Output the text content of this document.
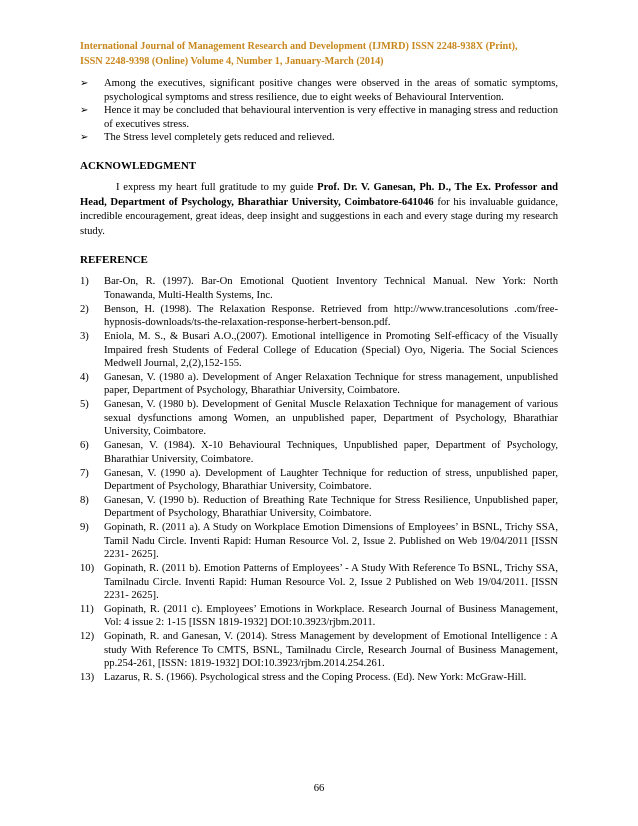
International Journal of Management Research and Development (IJMRD) ISSN 2248-938X (Print),
ISSN 2248-9398 (Online) Volume 4, Number 1, January-March (2014)
➢ Among the executives, significant positive changes were observed in the areas of somatic symptoms, psychological symptoms and stress resilience, due to eight weeks of Behavioural Intervention.
➢ Hence it may be concluded that behavioural intervention is very effective in managing stress and reduction of executives stress.
➢ The Stress level completely gets reduced and relieved.
ACKNOWLEDGMENT

I express my heart full gratitude to my guide Prof. Dr. V. Ganesan, Ph. D., The Ex. Professor and Head, Department of Psychology, Bharathiar University, Coimbatore-641046 for his invaluable guidance, incredible encouragement, great ideas, deep insight and suggestions in each and every stage during my research study.

REFERENCE
1) Bar-On, R. (1997). Bar-On Emotional Quotient Inventory Technical Manual. New York: North Tonawanda, Multi-Health Systems, Inc.
2) Benson, H. (1998). The Relaxation Response. Retrieved from http://www.trancesolutions .com/free-hypnosis-downloads/ts-the-relaxation-response-herbert-benson.pdf.
3) Eniola, M. S., & Busari A.O.,(2007). Emotional intelligence in Promoting Self-efficacy of the Visually Impaired fresh Students of Federal College of Education (Special) Oyo, Nigeria. The Social Sciences Medwell Journal, 2,(2),152-155.
4) Ganesan, V. (1980 a). Development of Anger Relaxation Technique for stress management, unpublished paper, Department of Psychology, Bharathiar University, Coimbatore.
5) Ganesan, V. (1980 b). Development of Genital Muscle Relaxation Technique for management of various sexual dysfunctions among Women, an unpublished paper, Department of Psychology, Bharathiar University, Coimbatore.
6) Ganesan, V. (1984). X-10 Behavioural Techniques, Unpublished paper, Department of Psychology, Bharathiar University, Coimbatore.
7) Ganesan, V. (1990 a). Development of Laughter Technique for reduction of stress, unpublished paper, Department of Psychology, Bharathiar University, Coimbatore.
8) Ganesan, V. (1990 b). Reduction of Breathing Rate Technique for Stress Resilience, Unpublished paper, Department of Psychology, Bharathiar University, Coimbatore.
9) Gopinath, R. (2011 a). A Study on Workplace Emotion Dimensions of Employees’ in BSNL, Trichy SSA, Tamil Nadu Circle. Inventi Rapid: Human Resource Vol. 2, Issue 2. Published on Web 19/04/2011 [ISSN 2231- 2625].
10) Gopinath, R. (2011 b). Emotion Patterns of Employees’ - A Study With Reference To BSNL, Trichy SSA, Tamilnadu Circle. Inventi Rapid: Human Resource Vol. 2, Issue 2 Published on Web 19/04/2011. [ISSN 2231- 2625].
11) Gopinath, R. (2011 c). Employees’ Emotions in Workplace. Research Journal of Business Management, Vol: 4 issue 2: 1-15 [ISSN 1819-1932] DOI:10.3923/rjbm.2011.
12) Gopinath, R. and Ganesan, V. (2014). Stress Management by development of Emotional Intelligence : A study With Reference To CMTS, BSNL, Tamilnadu Circle, Research Journal of Business Management, pp.254-261, [ISSN: 1819-1932] DOI:10.3923/rjbm.2014.254.261.
13) Lazarus, R. S. (1966). Psychological stress and the Coping Process. (Ed). New York: McGraw-Hill.
66
